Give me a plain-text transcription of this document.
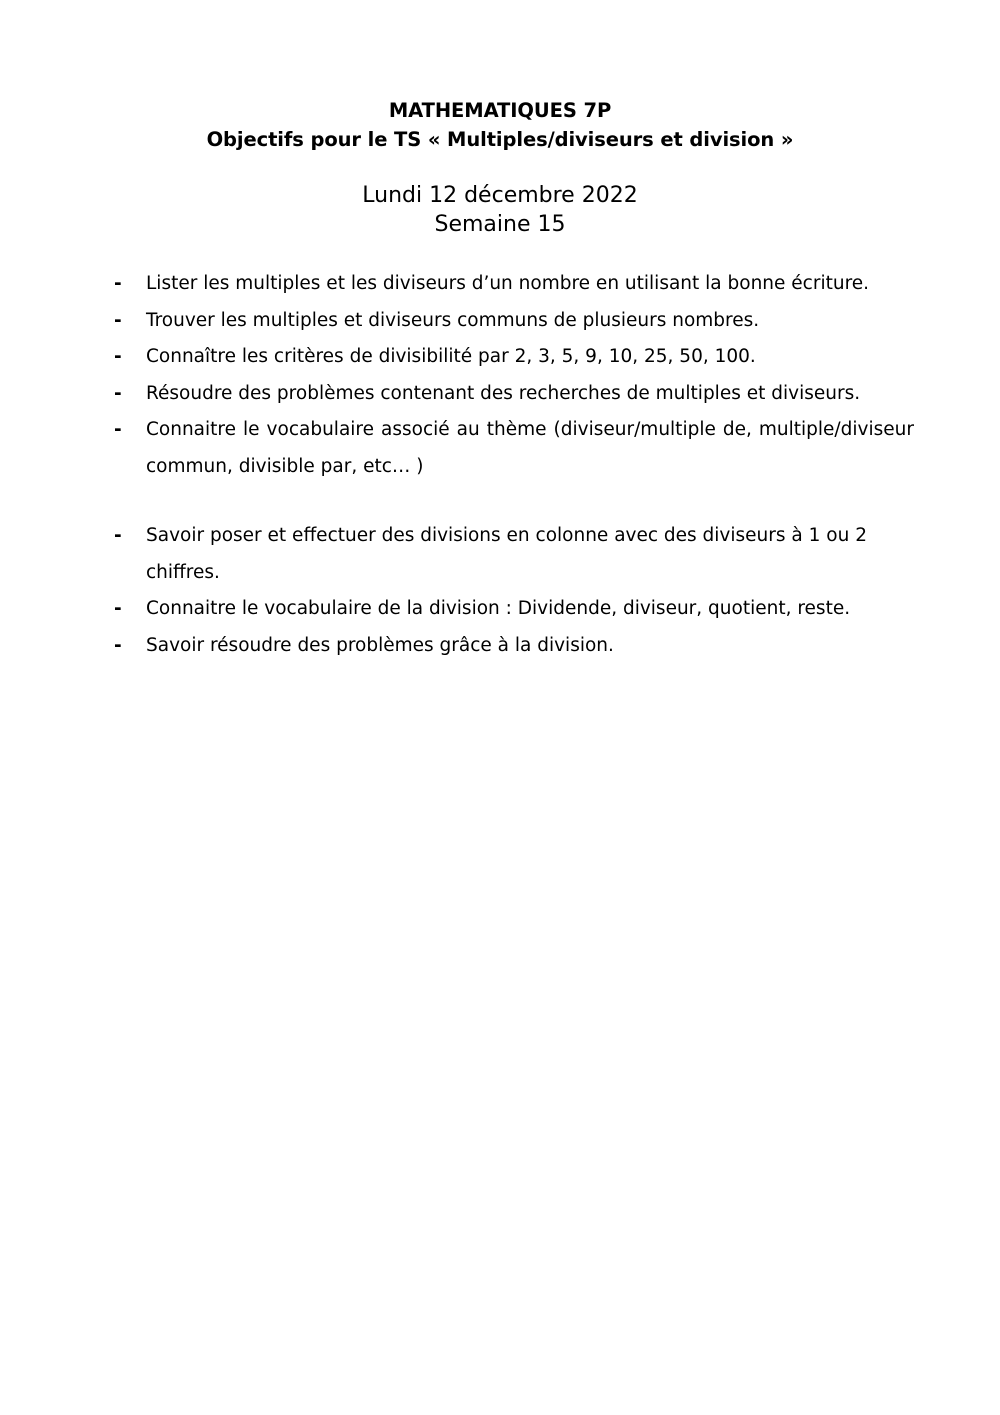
MATHEMATIQUES 7P
Objectifs pour le TS « Multiples/diviseurs et division »
Lundi 12 décembre 2022
Semaine 15
- Lister les multiples et les diviseurs d’un nombre en utilisant la bonne écriture.
- Trouver les multiples et diviseurs communs de plusieurs nombres.
- Connaître les critères de divisibilité par 2, 3, 5, 9, 10, 25, 50, 100.
- Résoudre des problèmes contenant des recherches de multiples et diviseurs.
- Connaitre le vocabulaire associé au thème (diviseur/multiple de, multiple/diviseur commun, divisible par, etc… )
- Savoir poser et effectuer des divisions en colonne avec des diviseurs à 1 ou 2 chiffres.
- Connaitre le vocabulaire de la division : Dividende, diviseur, quotient, reste.
- Savoir résoudre des problèmes grâce à la division.
